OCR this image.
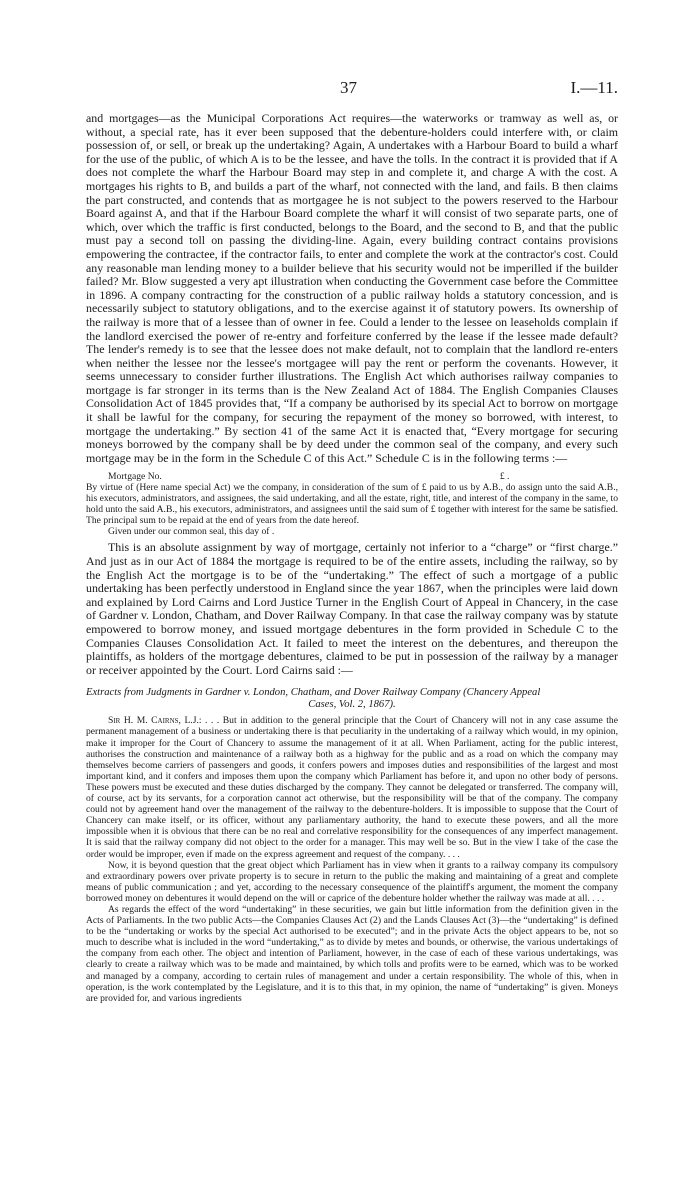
37	I.—11.

and mortgages—as the Municipal Corporations Act requires—the waterworks or tramway as well as, or without, a special rate, has it ever been supposed that the debenture-holders could interfere with, or claim possession of, or sell, or break up the undertaking? Again, A undertakes with a Harbour Board to build a wharf for the use of the public, of which A is to be the lessee, and have the tolls. In the contract it is provided that if A does not complete the wharf the Harbour Board may step in and complete it, and charge A with the cost. A mortgages his rights to B, and builds a part of the wharf, not connected with the land, and fails. B then claims the part constructed, and contends that as mortgagee he is not subject to the powers reserved to the Harbour Board against A, and that if the Harbour Board complete the wharf it will consist of two separate parts, one of which, over which the traffic is first conducted, belongs to the Board, and the second to B, and that the public must pay a second toll on passing the dividing-line. Again, every building contract contains provisions empowering the contractee, if the contractor fails, to enter and complete the work at the contractor's cost. Could any reasonable man lending money to a builder believe that his security would not be imperilled if the builder failed? Mr. Blow suggested a very apt illustration when conducting the Government case before the Committee in 1896. A company contracting for the construction of a public railway holds a statutory concession, and is necessarily subject to statutory obligations, and to the exercise against it of statutory powers. Its ownership of the railway is more that of a lessee than of owner in fee. Could a lender to the lessee on leaseholds complain if the landlord exercised the power of re-entry and forfeiture conferred by the lease if the lessee made default? The lender's remedy is to see that the lessee does not make default, not to complain that the landlord re-enters when neither the lessee nor the lessee's mortgagee will pay the rent or perform the covenants. However, it seems unnecessary to consider further illustrations. The English Act which authorises railway companies to mortgage is far stronger in its terms than is the New Zealand Act of 1884. The English Companies Clauses Consolidation Act of 1845 provides that, “If a company be authorised by its special Act to borrow on mortgage it shall be lawful for the company, for securing the repayment of the money so borrowed, with interest, to mortgage the undertaking.” By section 41 of the same Act it is enacted that, “Every mortgage for securing moneys borrowed by the company shall be by deed under the common seal of the company, and every such mortgage may be in the form in the Schedule C of this Act.” Schedule C is in the following terms :—

Mortgage No.	£ .
By virtue of (Here name special Act) we the company, in consideration of the sum of £ paid to us by A.B., do assign unto the said A.B., his executors, administrators, and assignees, the said undertaking, and all the estate, right, title, and interest of the company in the same, to hold unto the said A.B., his executors, administrators, and assignees until the said sum of £ together with interest for the same be satisfied. The principal sum to be repaid at the end of years from the date hereof.
Given under our common seal, this day of .

This is an absolute assignment by way of mortgage, certainly not inferior to a “charge” or “first charge.” And just as in our Act of 1884 the mortgage is required to be of the entire assets, including the railway, so by the English Act the mortgage is to be of the “undertaking.” The effect of such a mortgage of a public undertaking has been perfectly understood in England since the year 1867, when the principles were laid down and explained by Lord Cairns and Lord Justice Turner in the English Court of Appeal in Chancery, in the case of Gardner v. London, Chatham, and Dover Railway Company. In that case the railway company was by statute empowered to borrow money, and issued mortgage debentures in the form provided in Schedule C to the Companies Clauses Consolidation Act. It failed to meet the interest on the debentures, and thereupon the plaintiffs, as holders of the mortgage debentures, claimed to be put in possession of the railway by a manager or receiver appointed by the Court. Lord Cairns said :—

Extracts from Judgments in Gardner v. London, Chatham, and Dover Railway Company (Chancery Appeal
Cases, Vol. 2, 1867).

Sir H. M. Cairns, L.J.: . . . But in addition to the general principle that the Court of Chancery will not in any case assume the permanent management of a business or undertaking there is that peculiarity in the undertaking of a railway which would, in my opinion, make it improper for the Court of Chancery to assume the management of it at all. When Parliament, acting for the public interest, authorises the construction and maintenance of a railway both as a highway for the public and as a road on which the company may themselves become carriers of passengers and goods, it confers powers and imposes duties and responsibilities of the largest and most important kind, and it confers and imposes them upon the company which Parliament has before it, and upon no other body of persons. These powers must be executed and these duties discharged by the company. They cannot be delegated or transferred. The company will, of course, act by its servants, for a corporation cannot act otherwise, but the responsibility will be that of the company. The company could not by agreement hand over the management of the railway to the debenture-holders. It is impossible to suppose that the Court of Chancery can make itself, or its officer, without any parliamentary authority, the hand to execute these powers, and all the more impossible when it is obvious that there can be no real and correlative responsibility for the consequences of any imperfect management. It is said that the railway company did not object to the order for a manager. This may well be so. But in the view I take of the case the order would be improper, even if made on the express agreement and request of the company. . . .

Now, it is beyond question that the great object which Parliament has in view when it grants to a railway company its compulsory and extraordinary powers over private property is to secure in return to the public the making and maintaining of a great and complete means of public communication ; and yet, according to the necessary consequence of the plaintiff's argument, the moment the company borrowed money on debentures it would depend on the will or caprice of the debenture holder whether the railway was made at all. . . .

As regards the effect of the word “undertaking” in these securities, we gain but little information from the definition given in the Acts of Parliaments. In the two public Acts—the Companies Clauses Act (2) and the Lands Clauses Act (3)—the “undertaking” is defined to be the “undertaking or works by the special Act authorised to be executed”; and in the private Acts the object appears to be, not so much to describe what is included in the word “undertaking,” as to divide by metes and bounds, or otherwise, the various undertakings of the company from each other. The object and intention of Parliament, however, in the case of each of these various undertakings, was clearly to create a railway which was to be made and maintained, by which tolls and profits were to be earned, which was to be worked and managed by a company, according to certain rules of management and under a certain responsibility. The whole of this, when in operation, is the work contemplated by the Legislature, and it is to this that, in my opinion, the name of “undertaking” is given. Moneys are provided for, and various ingredients
